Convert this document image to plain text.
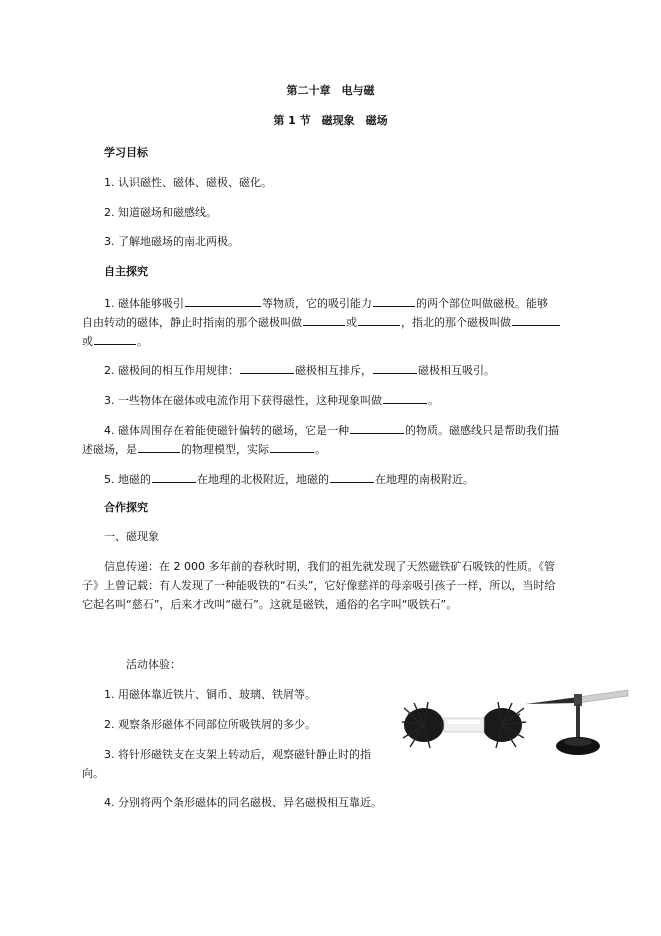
第二十章　电与磁
第 1 节　磁现象　磁场
学习目标
1. 认识磁性、磁体、磁极、磁化。
2. 知道磁场和磁感线。
3. 了解地磁场的南北两极。
自主探究
1. 磁体能够吸引	等物质，它的吸引能力	的两个部位叫做磁极。能够
自由转动的磁体，静止时指南的那个磁极叫做	或	，指北的那个磁极叫做
或	。
2. 磁极间的相互作用规律：	磁极相互排斥，	磁极相互吸引。
3. 一些物体在磁体或电流作用下获得磁性，这种现象叫做	。
4. 磁体周围存在着能使磁针偏转的磁场，它是一种	的物质。磁感线只是帮助我们描
述磁场，是	的物理模型，实际	。
5. 地磁的	在地理的北极附近，地磁的	在地理的南极附近。
合作探究
一、磁现象
信息传递：在 2 000 多年前的春秋时期，我们的祖先就发现了天然磁铁矿石吸铁的性质。《管
子》上曾记载：有人发现了一种能吸铁的“石头”，它好像慈祥的母亲吸引孩子一样，所以，当时给
它起名叫“慈石”，后来才改叫“磁石”。这就是磁铁，通俗的名字叫“吸铁石”。
活动体验：
1. 用磁体靠近铁片、铜币、玻璃、铁屑等。
2. 观察条形磁体不同部位所吸铁屑的多少。
3. 将针形磁铁支在支架上转动后，观察磁针静止时的指
向。
4. 分别将两个条形磁体的同名磁极、异名磁极相互靠近。
